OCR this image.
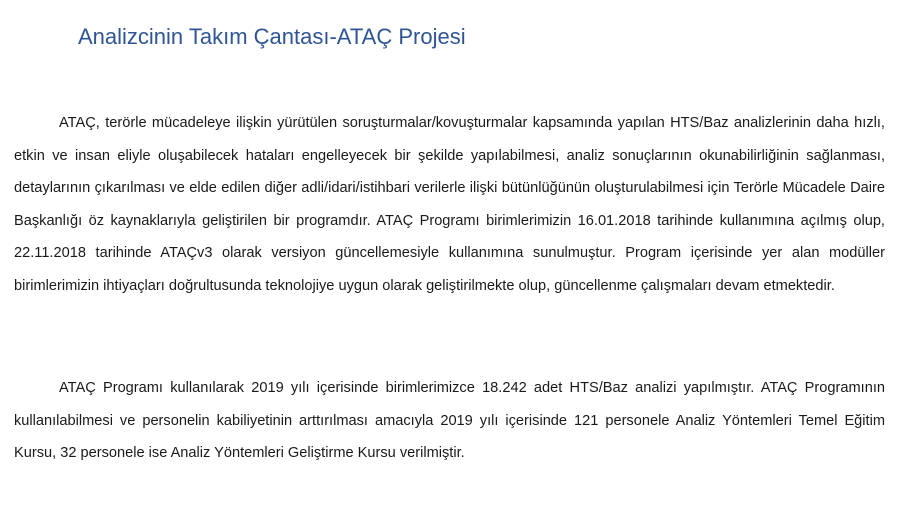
Analizcinin Takım Çantası-ATAÇ Projesi

ATAÇ, terörle mücadeleye ilişkin yürütülen soruşturmalar/kovuşturmalar kapsamında yapılan HTS/Baz analizlerinin daha hızlı, etkin ve insan eliyle oluşabilecek hataları engelleyecek bir şekilde yapılabilmesi, analiz sonuçlarının okunabilirliğinin sağlanması, detaylarının çıkarılması ve elde edilen diğer adli/idari/istihbari verilerle ilişki bütünlüğünün oluşturulabilmesi için Terörle Mücadele Daire Başkanlığı öz kaynaklarıyla geliştirilen bir programdır. ATAÇ Programı birimlerimizin 16.01.2018 tarihinde kullanımına açılmış olup, 22.11.2018 tarihinde ATAÇv3 olarak versiyon güncellemesiyle kullanımına sunulmuştur. Program içerisinde yer alan modüller birimlerimizin ihtiyaçları doğrultusunda teknolojiye uygun olarak geliştirilmekte olup, güncellenme çalışmaları devam etmektedir.

ATAÇ Programı kullanılarak 2019 yılı içerisinde birimlerimizce 18.242 adet HTS/Baz analizi yapılmıştır. ATAÇ Programının kullanılabilmesi ve personelin kabiliyetinin arttırılması amacıyla 2019 yılı içerisinde 121 personele Analiz Yöntemleri Temel Eğitim Kursu, 32 personele ise Analiz Yöntemleri Geliştirme Kursu verilmiştir.
